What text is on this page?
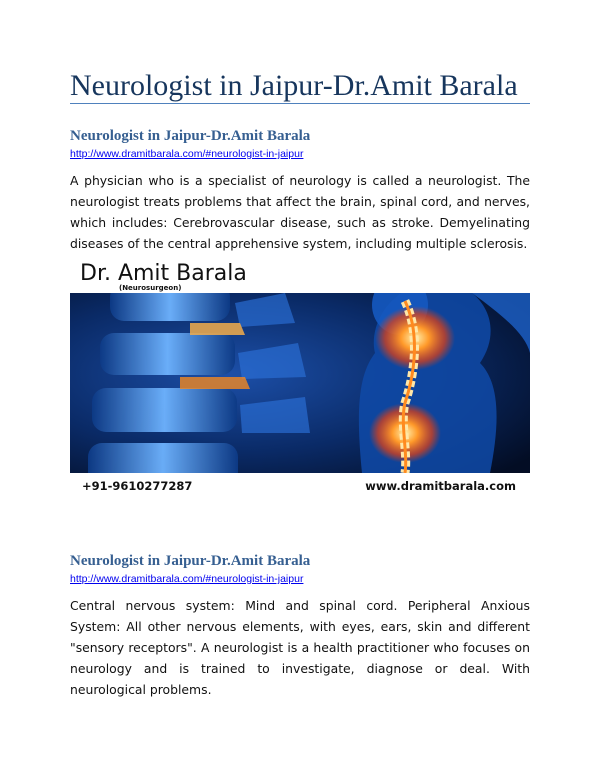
Neurologist in Jaipur-Dr.Amit Barala
Neurologist in Jaipur-Dr.Amit Barala
http://www.dramitbarala.com/#neurologist-in-jaipur
A physician who is a specialist of neurology is called a neurologist. The neurologist treats problems that affect the brain, spinal cord, and nerves, which includes: Cerebrovascular disease, such as stroke. Demyelinating diseases of the central apprehensive system, including multiple sclerosis.
Dr. Amit Barala
(Neurosurgeon)
+91-9610277287	www.dramitbarala.com
Neurologist in Jaipur-Dr.Amit Barala
http://www.dramitbarala.com/#neurologist-in-jaipur
Central nervous system: Mind and spinal cord. Peripheral Anxious System: All other nervous elements, with eyes, ears, skin and different "sensory receptors". A neurologist is a health practitioner who focuses on neurology and is trained to investigate, diagnose or deal. With neurological problems.
